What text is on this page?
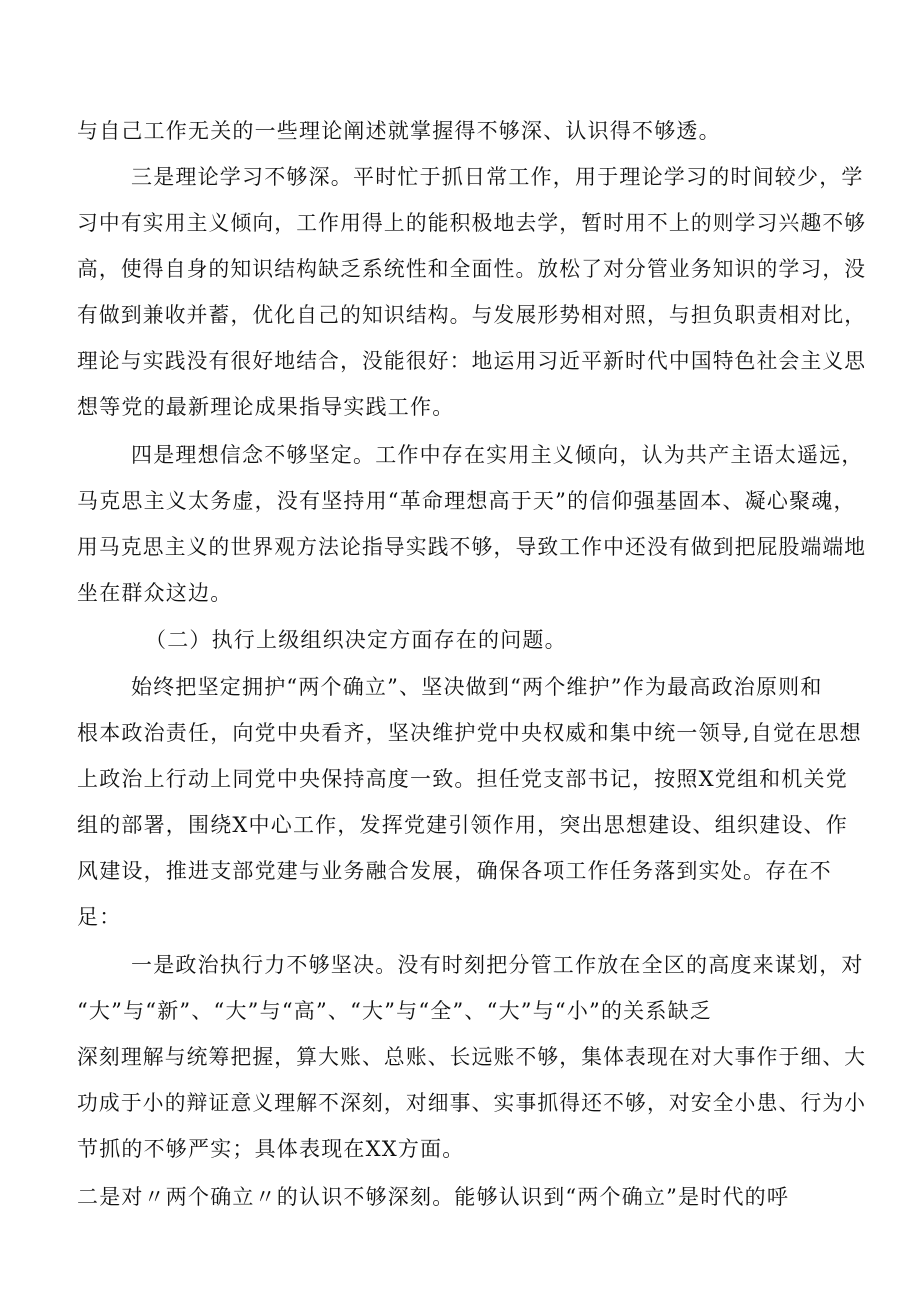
与自己工作无关的一些理论阐述就掌握得不够深、认识得不够透。
三是理论学习不够深。平时忙于抓日常工作，用于理论学习的时间较少，学
习中有实用主义倾向，工作用得上的能积极地去学，暂时用不上的则学习兴趣不够
高，使得自身的知识结构缺乏系统性和全面性。放松了对分管业务知识的学习，没
有做到兼收并蓄，优化自己的知识结构。与发展形势相对照，与担负职责相对比，
理论与实践没有很好地结合，没能很好：地运用习近平新时代中国特色社会主义思
想等党的最新理论成果指导实践工作。
四是理想信念不够坚定。工作中存在实用主义倾向，认为共产主语太遥远，
马克思主义太务虚，没有坚持用“革命理想高于天”的信仰强基固本、凝心聚魂，
用马克思主义的世界观方法论指导实践不够，导致工作中还没有做到把屁股端端地
坐在群众这边。
（二）执行上级组织决定方面存在的问题。
始终把坚定拥护“两个确立”、坚决做到“两个维护”作为最高政治原则和
根本政治责任，向党中央看齐，坚决维护党中央权威和集中统一领导,自觉在思想
上政治上行动上同党中央保持高度一致。担任党支部书记，按照X党组和机关党
组的部署，围绕X中心工作，发挥党建引领作用，突出思想建设、组织建设、作
风建设，推进支部党建与业务融合发展，确保各项工作任务落到实处。存在不
足：
一是政治执行力不够坚决。没有时刻把分管工作放在全区的高度来谋划，对
“大”与“新”、“大”与“高”、“大”与“全”、“大”与“小”的关系缺乏
深刻理解与统筹把握，算大账、总账、长远账不够，集体表现在对大事作于细、大
功成于小的辩证意义理解不深刻，对细事、实事抓得还不够，对安全小患、行为小
节抓的不够严实；具体表现在XX方面。
二是对〃两个确立〃的认识不够深刻。能够认识到“两个确立”是时代的呼
